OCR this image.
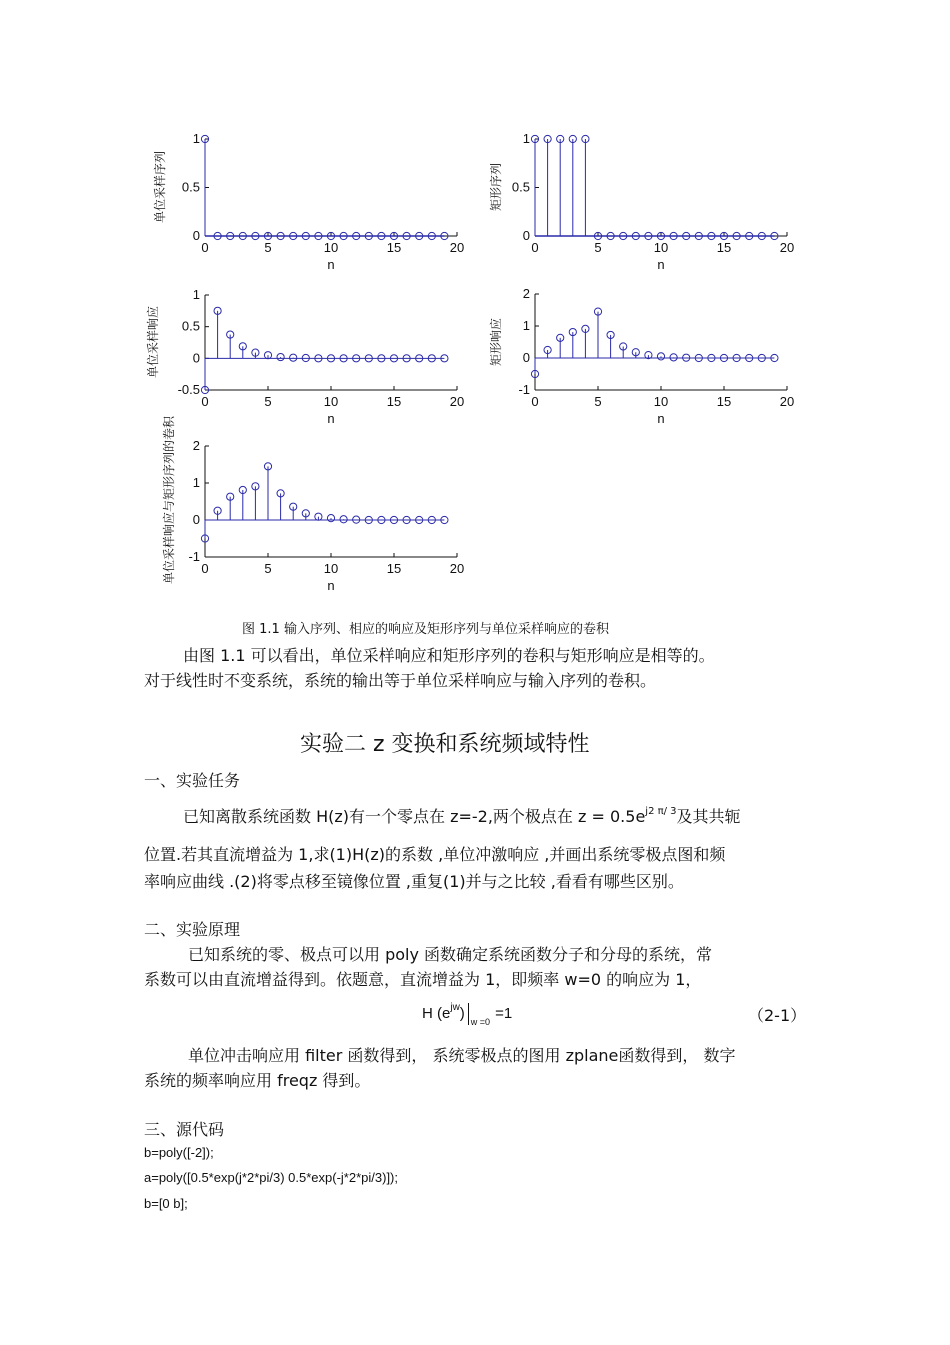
0
0.5
1
0	5	10	15	20
n
单位采样序列
0
0.5
1
0	5	10	15	20
n
矩形序列
-0.5
0
0.5
1
0	5	10	15	20
n
单位采样响应
-1
0
1
2
0	5	10	15	20
n
矩形响应
-1
0
1
2
0	5	10	15	20
n
单位采样响应与矩形序列的卷积
图 1.1 输入序列、相应的响应及矩形序列与单位采样响应的卷积
由图 1.1 可以看出，单位采样响应和矩形序列的卷积与矩形响应是相等的。
对于线性时不变系统，系统的输出等于单位采样响应与输入序列的卷积。
实验二 z 变换和系统频域特性
一、实验任务
已知离散系统函数 H(z)有一个零点在 z=-2,两个极点在 $z = 0.5e^{j2 \pi/ 3}$及其共轭
位置.若其直流增益为 1,求(1)H(z)的系数 ,单位冲激响应 ,并画出系统零极点图和频
率响应曲线 .(2)将零点移至镜像位置 ,重复(1)并与之比较 ,看看有哪些区别。
二、实验原理
已知系统的零、极点可以用 poly 函数确定系统函数分子和分母的系统，常
系数可以由直流增益得到。依题意，直流增益为 1，即频率 w=0 的响应为 1，
H $(e^{jw})$ $_{w =0}$ =1	（2-1）
单位冲击响应用 filter 函数得到， 系统零极点的图用 zplane函数得到， 数字
系统的频率响应用 freqz 得到。
三、源代码
b=poly([-2]);
a=poly([0.5*exp(j*2*pi/3) 0.5*exp(-j*2*pi/3)]);
b=[0 b];
